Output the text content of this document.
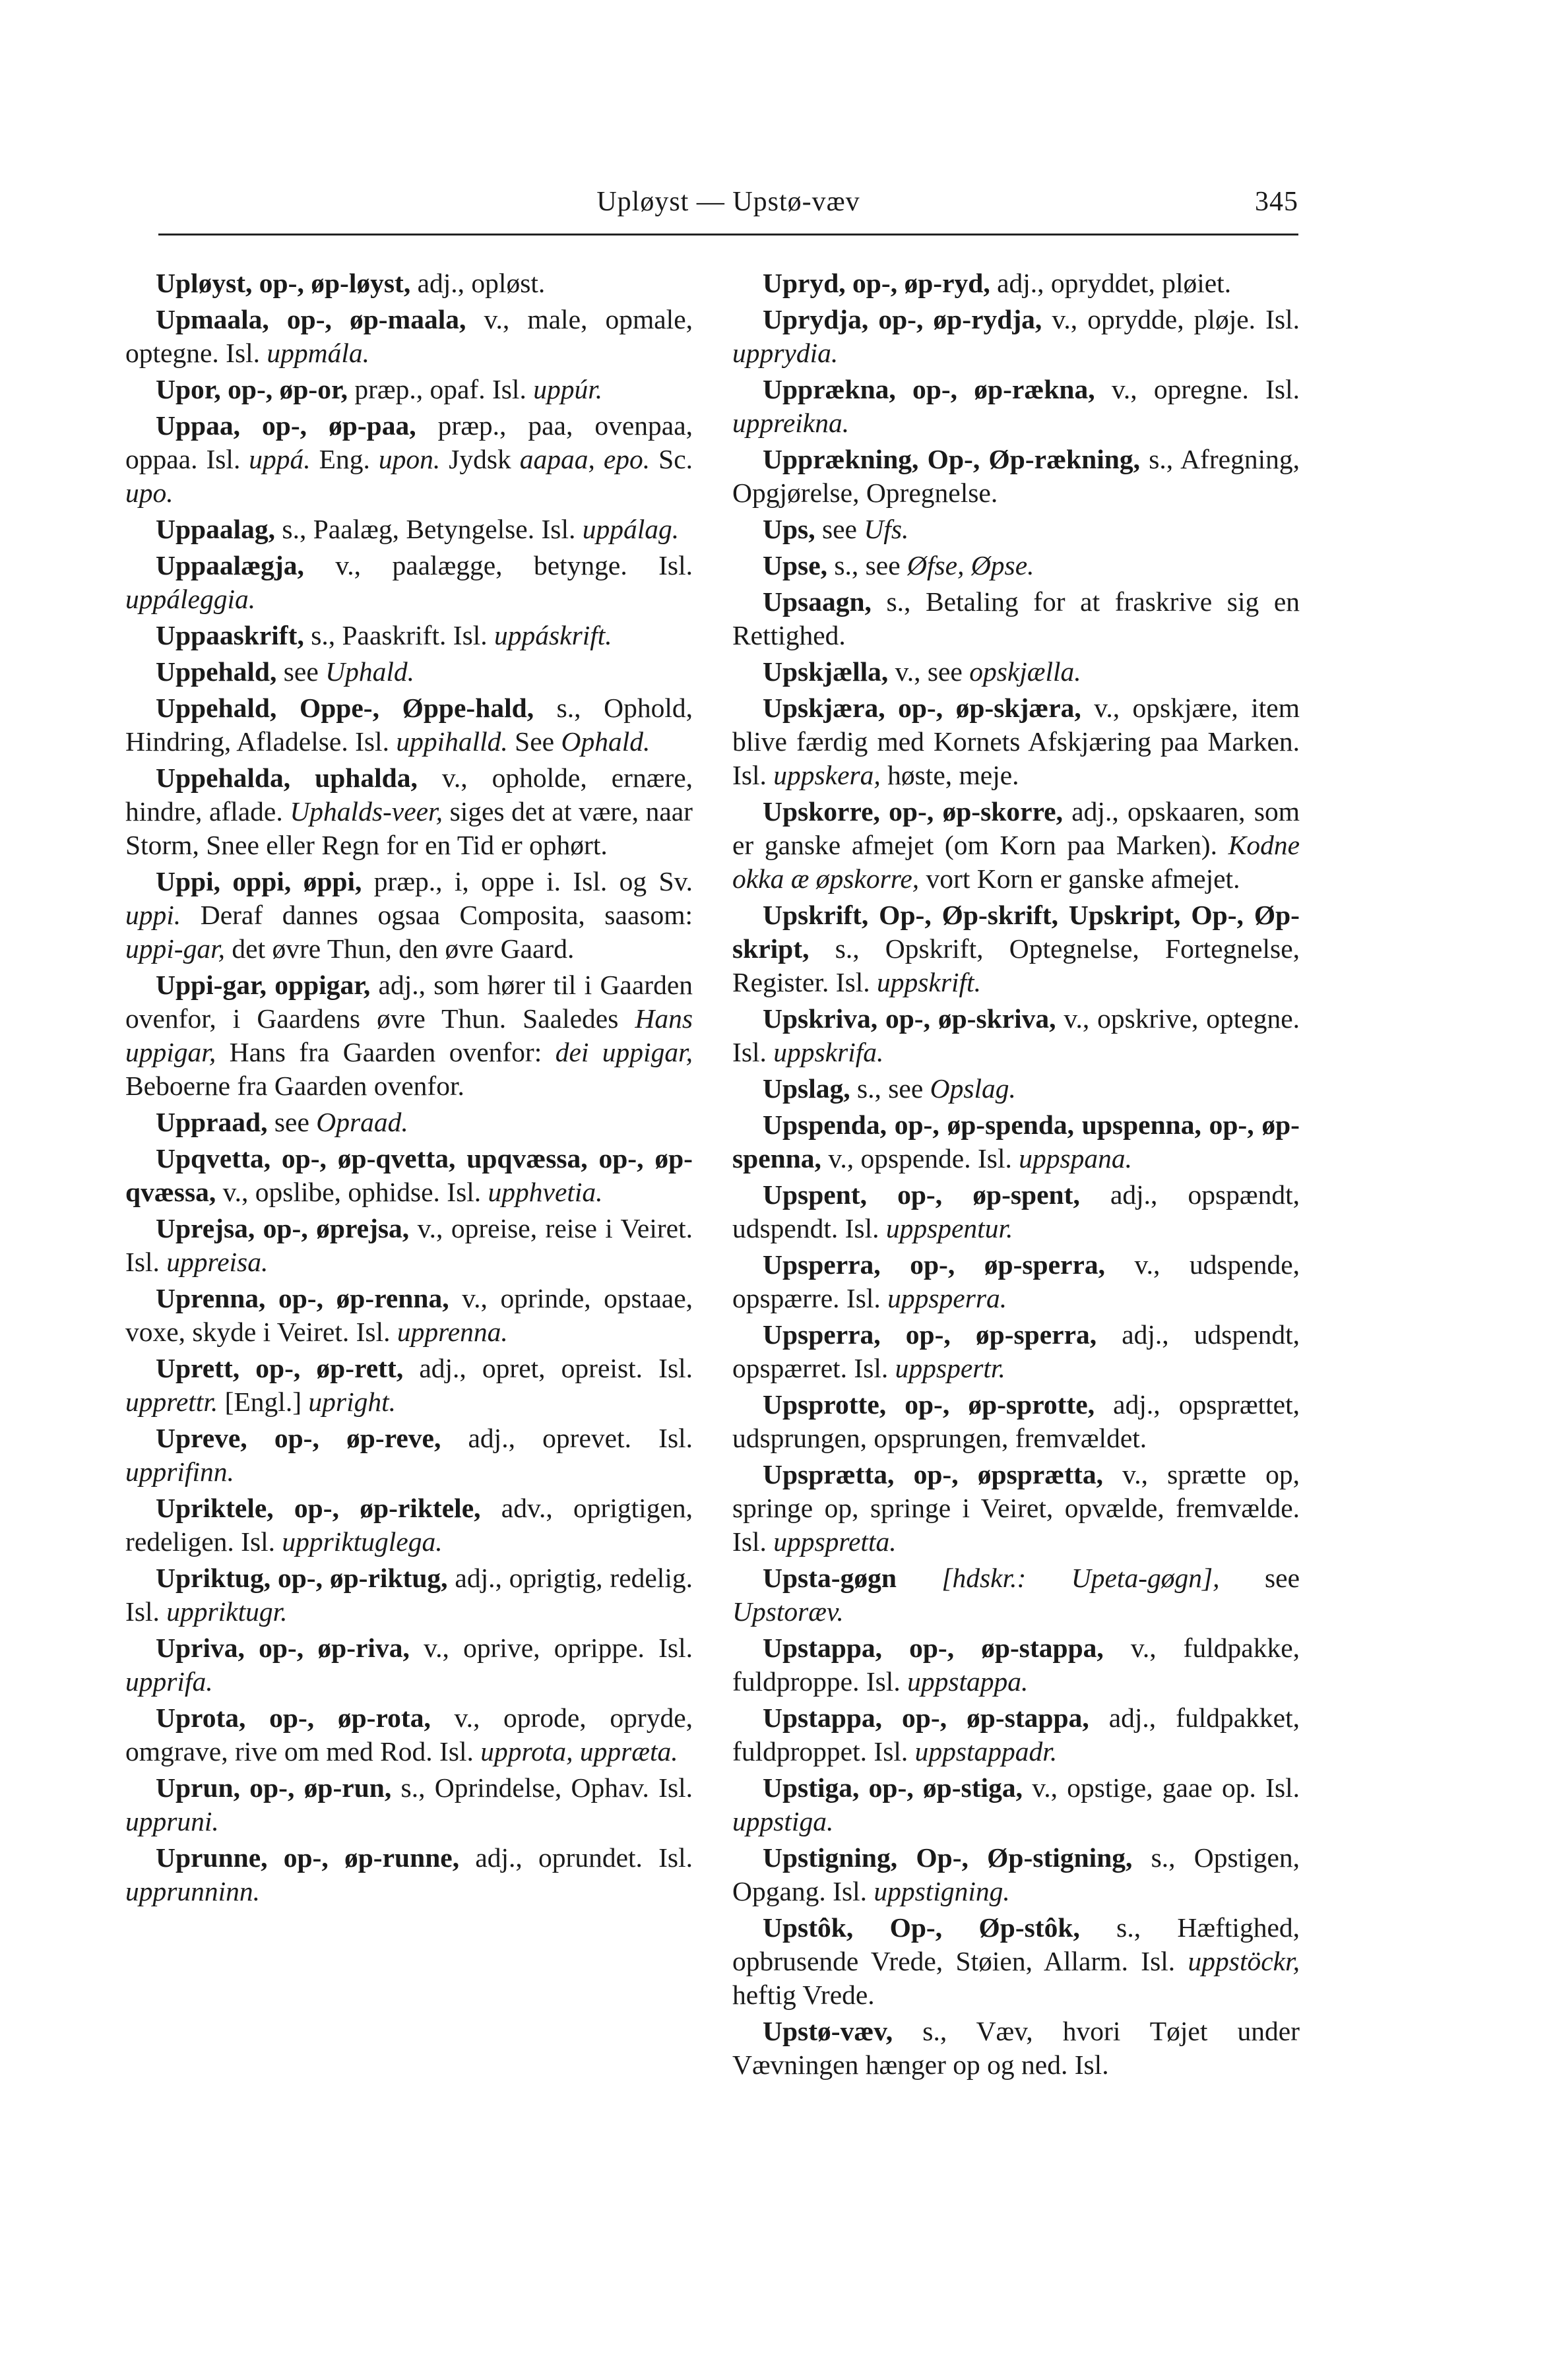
Upløyst — Upstø-væv	345

Upløyst, op-, øp-løyst, adj., opløst.

Upmaala, op-, øp-maala, v., male, opmale, optegne. Isl. uppmála.

Upor, op-, øp-or, præp., opaf. Isl. uppúr.

Uppaa, op-, øp-paa, præp., paa, ovenpaa, oppaa. Isl. uppá. Eng. upon. Jydsk aapaa, epo. Sc. upo.

Uppaalag, s., Paalæg, Betyngelse. Isl. uppálag.

Uppaalægja, v., paalægge, betynge. Isl. uppáleggia.

Uppaaskrift, s., Paaskrift. Isl. uppáskrift.

Uppehald, see Uphald.

Uppehald, Oppe-, Øppe-hald, s., Ophold, Hindring, Afladelse. Isl. uppihalld. See Ophald.

Uppehalda, uphalda, v., opholde, ernære, hindre, aflade. Uphalds-veer, siges det at være, naar Storm, Snee eller Regn for en Tid er ophørt.

Uppi, oppi, øppi, præp., i, oppe i. Isl. og Sv. uppi. Deraf dannes ogsaa Composita, saasom: uppi-gar, det øvre Thun, den øvre Gaard.

Uppi-gar, oppigar, adj., som hører til i Gaarden ovenfor, i Gaardens øvre Thun. Saaledes Hans uppigar, Hans fra Gaarden ovenfor: dei uppigar, Beboerne fra Gaarden ovenfor.

Uppraad, see Opraad.

Upqvetta, op-, øp-qvetta, upqvæssa, op-, øp-qvæssa, v., opslibe, ophidse. Isl. upphvetia.

Uprejsa, op-, øprejsa, v., opreise, reise i Veiret. Isl. uppreisa.

Uprenna, op-, øp-renna, v., oprinde, opstaae, voxe, skyde i Veiret. Isl. upprenna.

Uprett, op-, øp-rett, adj., opret, opreist. Isl. upprettr. [Engl.] upright.

Upreve, op-, øp-reve, adj., oprevet. Isl. upprifinn.

Upriktele, op-, øp-riktele, adv., oprigtigen, redeligen. Isl. uppriktuglega.

Upriktug, op-, øp-riktug, adj., oprigtig, redelig. Isl. uppriktugr.

Upriva, op-, øp-riva, v., oprive, oprippe. Isl. upprifa.

Uprota, op-, øp-rota, v., oprode, opryde, omgrave, rive om med Rod. Isl. upprota, uppræta.

Uprun, op-, øp-run, s., Oprindelse, Ophav. Isl. uppruni.

Uprunne, op-, øp-runne, adj., oprundet. Isl. upprunninn.

Upryd, op-, øp-ryd, adj., opryddet, pløiet.

Uprydja, op-, øp-rydja, v., oprydde, pløje. Isl. upprydia.

Upprækna, op-, øp-rækna, v., opregne. Isl. uppreikna.

Upprækning, Op-, Øp-rækning, s., Afregning, Opgjørelse, Opregnelse.

Ups, see Ufs.

Upse, s., see Øfse, Øpse.

Upsaagn, s., Betaling for at fraskrive sig en Rettighed.

Upskjælla, v., see opskjælla.

Upskjæra, op-, øp-skjæra, v., opskjære, item blive færdig med Kornets Afskjæring paa Marken. Isl. uppskera, høste, meje.

Upskorre, op-, øp-skorre, adj., opskaaren, som er ganske afmejet (om Korn paa Marken). Kodne okka æ øpskorre, vort Korn er ganske afmejet.

Upskrift, Op-, Øp-skrift, Upskript, Op-, Øp-skript, s., Opskrift, Optegnelse, Fortegnelse, Register. Isl. uppskrift.

Upskriva, op-, øp-skriva, v., opskrive, optegne. Isl. uppskrifa.

Upslag, s., see Opslag.

Upspenda, op-, øp-spenda, upspenna, op-, øp-spenna, v., opspende. Isl. uppspana.

Upspent, op-, øp-spent, adj., opspændt, udspendt. Isl. uppspentur.

Upsperra, op-, øp-sperra, v., udspende, opspærre. Isl. uppsperra.

Upsperra, op-, øp-sperra, adj., udspendt, opspærret. Isl. uppspertr.

Upsprotte, op-, øp-sprotte, adj., opsprættet, udsprungen, opsprungen, fremvældet.

Upsprætta, op-, øpsprætta, v., sprætte op, springe op, springe i Veiret, opvælde, fremvælde. Isl. uppspretta.

Upsta-gøgn [hdskr.: Upeta-gøgn], see Upstoræv.

Upstappa, op-, øp-stappa, v., fuldpakke, fuldproppe. Isl. uppstappa.

Upstappa, op-, øp-stappa, adj., fuldpakket, fuldproppet. Isl. uppstappadr.

Upstiga, op-, øp-stiga, v., opstige, gaae op. Isl. uppstiga.

Upstigning, Op-, Øp-stigning, s., Opstigen, Opgang. Isl. uppstigning.

Upstôk, Op-, Øp-stôk, s., Hæftighed, opbrusende Vrede, Støien, Allarm. Isl. uppstöckr, heftig Vrede.

Upstø-væv, s., Væv, hvori Tøjet under Vævningen hænger op og ned. Isl.
